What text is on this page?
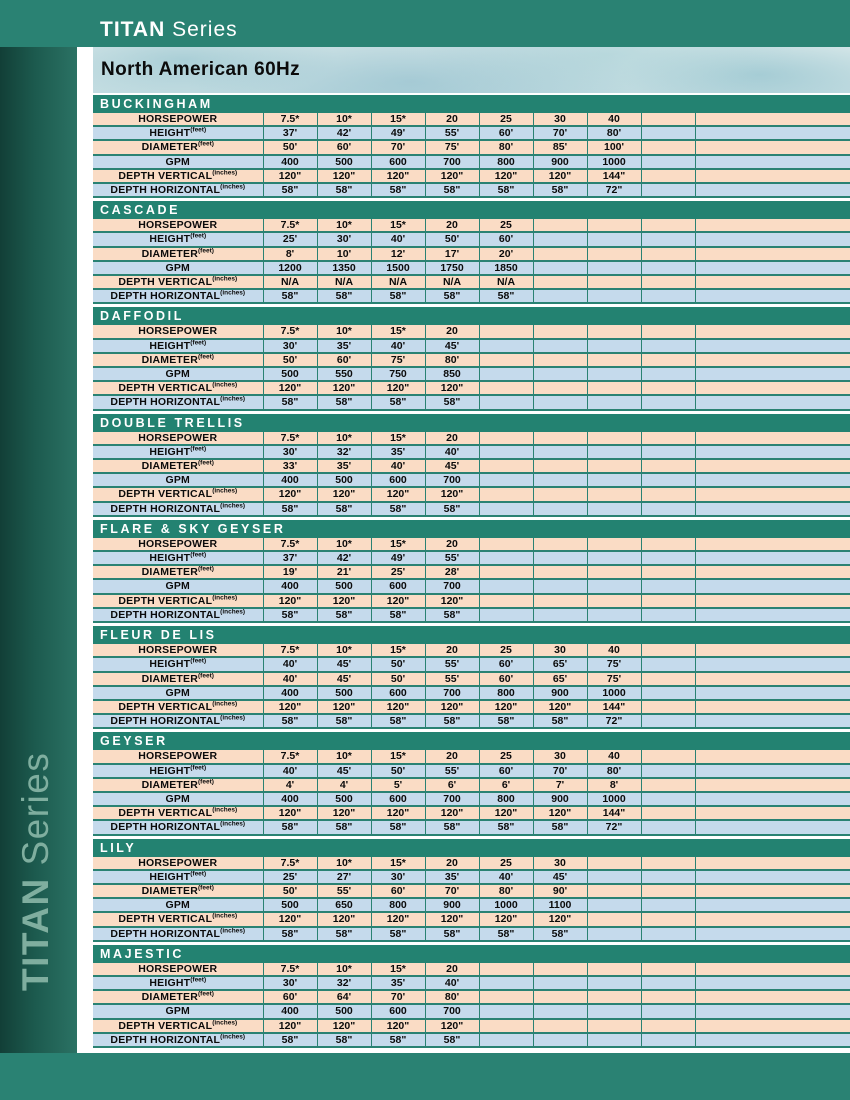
TITAN Series
TITAN Series
North American 60Hz
BUCKINGHAM
HORSEPOWER	7.5*	10*	15*	20	25	30	40		
$HEIGHT^{(feet)}$	37'	42'	49'	55'	60'	70'	80'		
$DIAMETER^{(feet)}$	50'	60'	70'	75'	80'	85'	100'		
GPM	400	500	600	700	800	900	1000		
DEPTH $VERTICAL^{(inches)}$	120"	120"	120"	120"	120"	120"	144"		
DEPTH $HORIZONTAL^{(inches)}$	58"	58"	58"	58"	58"	58"	72"		
CASCADE
HORSEPOWER	7.5*	10*	15*	20	25				
$HEIGHT^{(feet)}$	25'	30'	40'	50'	60'				
$DIAMETER^{(feet)}$	8'	10'	12'	17'	20'				
GPM	1200	1350	1500	1750	1850				
DEPTH $VERTICAL^{(inches)}$	N/A	N/A	N/A	N/A	N/A				
DEPTH $HORIZONTAL^{(inches)}$	58"	58"	58"	58"	58"				
DAFFODIL
HORSEPOWER	7.5*	10*	15*	20					
$HEIGHT^{(feet)}$	30'	35'	40'	45'					
$DIAMETER^{(feet)}$	50'	60'	75'	80'					
GPM	500	550	750	850					
DEPTH $VERTICAL^{(inches)}$	120"	120"	120"	120"					
DEPTH $HORIZONTAL^{(inches)}$	58"	58"	58"	58"					
DOUBLE TRELLIS
HORSEPOWER	7.5*	10*	15*	20					
$HEIGHT^{(feet)}$	30'	32'	35'	40'					
$DIAMETER^{(feet)}$	33'	35'	40'	45'					
GPM	400	500	600	700					
DEPTH $VERTICAL^{(inches)}$	120"	120"	120"	120"					
DEPTH $HORIZONTAL^{(inches)}$	58"	58"	58"	58"					
FLARE & SKY GEYSER
HORSEPOWER	7.5*	10*	15*	20					
$HEIGHT^{(feet)}$	37'	42'	49'	55'					
$DIAMETER^{(feet)}$	19'	21'	25'	28'					
GPM	400	500	600	700					
DEPTH $VERTICAL^{(inches)}$	120"	120"	120"	120"					
DEPTH $HORIZONTAL^{(inches)}$	58"	58"	58"	58"					
FLEUR DE LIS
HORSEPOWER	7.5*	10*	15*	20	25	30	40		
$HEIGHT^{(feet)}$	40'	45'	50'	55'	60'	65'	75'		
$DIAMETER^{(feet)}$	40'	45'	50'	55'	60'	65'	75'		
GPM	400	500	600	700	800	900	1000		
DEPTH $VERTICAL^{(inches)}$	120"	120"	120"	120"	120"	120"	144"		
DEPTH $HORIZONTAL^{(inches)}$	58"	58"	58"	58"	58"	58"	72"		
GEYSER
HORSEPOWER	7.5*	10*	15*	20	25	30	40		
$HEIGHT^{(feet)}$	40'	45'	50'	55'	60'	70'	80'		
$DIAMETER^{(feet)}$	4'	4'	5'	6'	6'	7'	8'		
GPM	400	500	600	700	800	900	1000		
DEPTH $VERTICAL^{(inches)}$	120"	120"	120"	120"	120"	120"	144"		
DEPTH $HORIZONTAL^{(inches)}$	58"	58"	58"	58"	58"	58"	72"		
LILY
HORSEPOWER	7.5*	10*	15*	20	25	30			
$HEIGHT^{(feet)}$	25'	27'	30'	35'	40'	45'			
$DIAMETER^{(feet)}$	50'	55'	60'	70'	80'	90'			
GPM	500	650	800	900	1000	1100			
DEPTH $VERTICAL^{(inches)}$	120"	120"	120"	120"	120"	120"			
DEPTH $HORIZONTAL^{(inches)}$	58"	58"	58"	58"	58"	58"			
MAJESTIC
HORSEPOWER	7.5*	10*	15*	20					
$HEIGHT^{(feet)}$	30'	32'	35'	40'					
$DIAMETER^{(feet)}$	60'	64'	70'	80'					
GPM	400	500	600	700					
DEPTH $VERTICAL^{(inches)}$	120"	120"	120"	120"					
DEPTH $HORIZONTAL^{(inches)}$	58"	58"	58"	58"					
